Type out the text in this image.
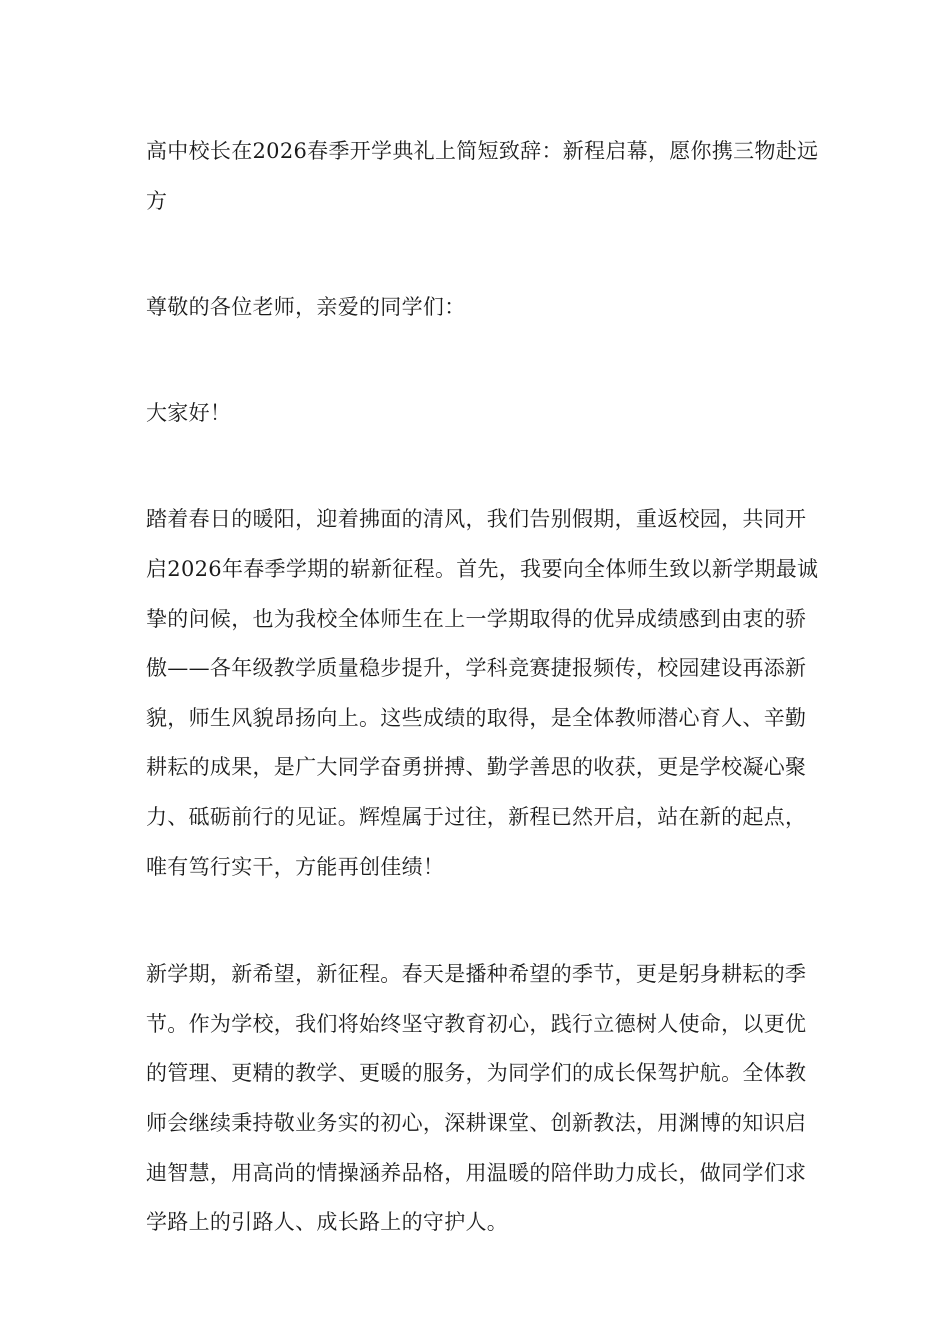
高中校长在2026春季开学典礼上简短致辞：新程启幕，愿你携三物赴远方

尊敬的各位老师，亲爱的同学们：

大家好！

踏着春日的暖阳，迎着拂面的清风，我们告别假期，重返校园，共同开启2026年春季学期的崭新征程。首先，我要向全体师生致以新学期最诚挚的问候，也为我校全体师生在上一学期取得的优异成绩感到由衷的骄傲——各年级教学质量稳步提升，学科竞赛捷报频传，校园建设再添新貌，师生风貌昂扬向上。这些成绩的取得，是全体教师潜心育人、辛勤耕耘的成果，是广大同学奋勇拼搏、勤学善思的收获，更是学校凝心聚力、砥砺前行的见证。辉煌属于过往，新程已然开启，站在新的起点，唯有笃行实干，方能再创佳绩！

新学期，新希望，新征程。春天是播种希望的季节，更是躬身耕耘的季节。作为学校，我们将始终坚守教育初心，践行立德树人使命，以更优的管理、更精的教学、更暖的服务，为同学们的成长保驾护航。全体教师会继续秉持敬业务实的初心，深耕课堂、创新教法，用渊博的知识启迪智慧，用高尚的情操涵养品格，用温暖的陪伴助力成长，做同学们求学路上的引路人、成长路上的守护人。
